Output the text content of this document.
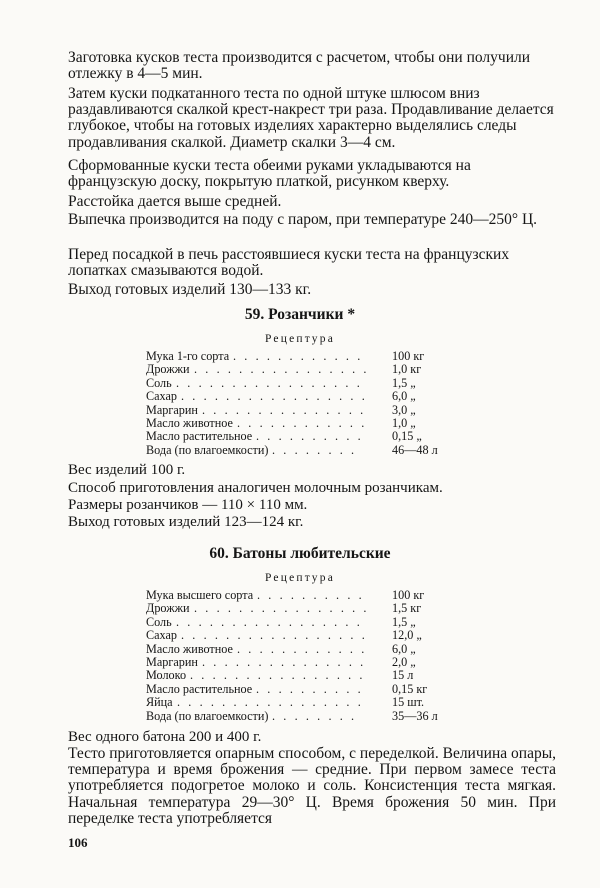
Заготовка кусков теста производится с расчетом, чтобы они получили отлежку в 4—5 мин.

Затем куски подкатанного теста по одной штуке шлюсом вниз раздавливаются скалкой крест-накрест три раза. Продавливание делается глубокое, чтобы на готовых изделиях характерно выделялись следы продавливания скалкой. Диаметр скалки 3—4 см.

Сформованные куски теста обеими руками укладываются на французскую доску, покрытую платкой, рисунком кверху.

Расстойка дается выше средней.

Выпечка производится на поду с паром, при температуре 240—250° Ц.

Перед посадкой в печь расстоявшиеся куски теста на французских лопатках смазываются водой.

Выход готовых изделий 130—133 кг.

59. Розанчики *
Рецептура
Мука 1-го сорта . . . . . . . . . . . . 100 кг
Дрожжи . . . . . . . . . . . . . . . . 1,0 кг
Соль . . . . . . . . . . . . . . . . . 1,5 „
Сахар . . . . . . . . . . . . . . . . . 6,0 „
Маргарин . . . . . . . . . . . . . . . 3,0 „
Масло животное . . . . . . . . . . . . 1,0 „
Масло растительное . . . . . . . . . . 0,15 „
Вода (по влагоемкости) . . . . . . . .	46—48 л

Вес изделий 100 г.

Способ приготовления аналогичен молочным розанчикам.

Размеры розанчиков — 110 × 110 мм.

Выход готовых изделий 123—124 кг.

60. Батоны любительские
Рецептура
Мука высшего сорта . . . . . . . . . . 100 кг
Дрожжи . . . . . . . . . . . . . . . . 1,5 кг
Соль . . . . . . . . . . . . . . . . . 1,5 „
Сахар . . . . . . . . . . . . . . . . . 12,0 „
Масло животное . . . . . . . . . . . . 6,0 „
Маргарин . . . . . . . . . . . . . . . 2,0 „
Молоко . . . . . . . . . . . . . . . . 15 л
Масло растительное . . . . . . . . . . 0,15 кг
Яйца . . . . . . . . . . . . . . . . . 15 шт.
Вода (по влагоемкости) . . . . . . . .	35—36 л

Вес одного батона 200 и 400 г.

Тесто приготовляется опарным способом, с переделкой. Величина опары, температура и время брожения — средние. При первом замесе теста употребляется подогретое молоко и соль. Консистенция теста мягкая. Начальная температура 29—30° Ц. Время брожения 50 мин. При переделке теста употребляется

106
